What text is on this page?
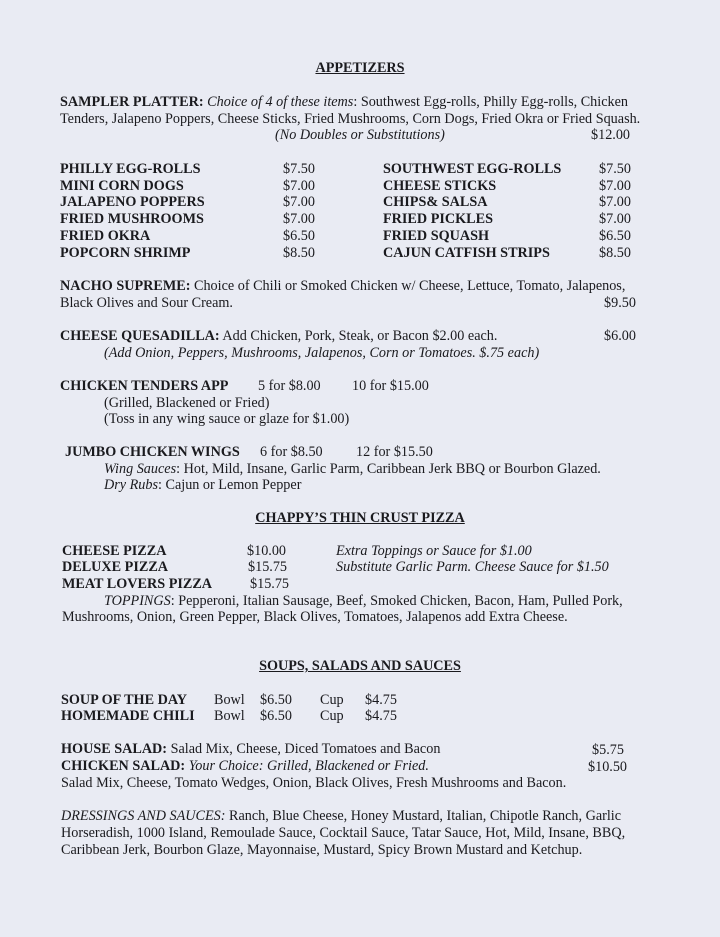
APPETIZERS
SAMPLER PLATTER: Choice of 4 of these items: Southwest Egg-rolls, Philly Egg-rolls, Chicken
Tenders, Jalapeno Poppers, Cheese Sticks, Fried Mushrooms, Corn Dogs, Fried Okra or Fried Squash.
(No Doubles or Substitutions)	$12.00
PHILLY EGG-ROLLS	$7.50	SOUTHWEST EGG-ROLLS	$7.50
MINI CORN DOGS	$7.00	CHEESE STICKS	$7.00
JALAPENO POPPERS	$7.00	CHIPS& SALSA	$7.00
FRIED MUSHROOMS	$7.00	FRIED PICKLES	$7.00
FRIED OKRA	$6.50	FRIED SQUASH	$6.50
POPCORN SHRIMP	$8.50	CAJUN CATFISH STRIPS	$8.50
NACHO SUPREME: Choice of Chili or Smoked Chicken w/ Cheese, Lettuce, Tomato, Jalapenos,
Black Olives and Sour Cream.	$9.50
CHEESE QUESADILLA: Add Chicken, Pork, Steak, or Bacon $2.00 each.	$6.00
(Add Onion, Peppers, Mushrooms, Jalapenos, Corn or Tomatoes. $.75 each)
CHICKEN TENDERS APP 5 for $8.00 10 for $15.00
(Grilled, Blackened or Fried)
(Toss in any wing sauce or glaze for $1.00)
JUMBO CHICKEN WINGS 6 for $8.50 12 for $15.50
Wing Sauces: Hot, Mild, Insane, Garlic Parm, Caribbean Jerk BBQ or Bourbon Glazed.
Dry Rubs: Cajun or Lemon Pepper
CHAPPY’S THIN CRUST PIZZA
CHEESE PIZZA	$10.00	Extra Toppings or Sauce for $1.00
DELUXE PIZZA	$15.75	Substitute Garlic Parm. Cheese Sauce for $1.50
MEAT LOVERS PIZZA	$15.75
TOPPINGS: Pepperoni, Italian Sausage, Beef, Smoked Chicken, Bacon, Ham, Pulled Pork,
Mushrooms, Onion, Green Pepper, Black Olives, Tomatoes, Jalapenos add Extra Cheese.
SOUPS, SALADS AND SAUCES
SOUP OF THE DAY Bowl $6.50 Cup $4.75
HOMEMADE CHILI Bowl $6.50 Cup $4.75
HOUSE SALAD: Salad Mix, Cheese, Diced Tomatoes and Bacon	$5.75
CHICKEN SALAD: Your Choice: Grilled, Blackened or Fried.	$10.50
Salad Mix, Cheese, Tomato Wedges, Onion, Black Olives, Fresh Mushrooms and Bacon.
DRESSINGS AND SAUCES: Ranch, Blue Cheese, Honey Mustard, Italian, Chipotle Ranch, Garlic
Horseradish, 1000 Island, Remoulade Sauce, Cocktail Sauce, Tatar Sauce, Hot, Mild, Insane, BBQ,
Caribbean Jerk, Bourbon Glaze, Mayonnaise, Mustard, Spicy Brown Mustard and Ketchup.
